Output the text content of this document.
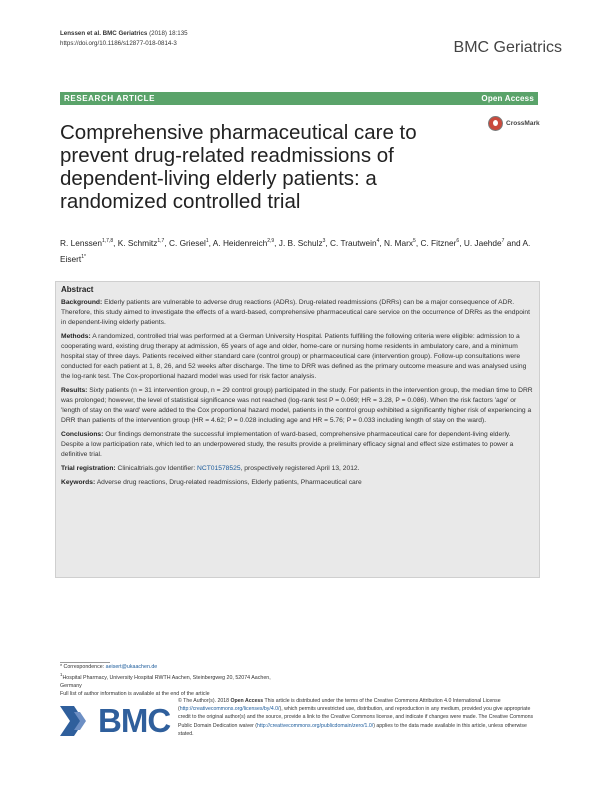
Lenssen et al. BMC Geriatrics (2018) 18:135
https://doi.org/10.1186/s12877-018-0814-3	BMC Geriatrics
RESEARCH ARTICLE	Open Access
Comprehensive pharmaceutical care to prevent drug-related readmissions of dependent-living elderly patients: a randomized controlled trial
CrossMark
R. Lenssen$^{1,7,8}$, K. Schmitz$^{1,7}$, C. Griesel$^1$, A. Heidenreich$^{2,9}$, J. B. Schulz$^3$, C. Trautwein$^4$, N. Marx$^5$, C. Fitzner$^6$, U. Jaehde$^7$ and A. Eisert$^{1*}$
Abstract

Background: Elderly patients are vulnerable to adverse drug reactions (ADRs). Drug-related readmissions (DRRs) can be a major consequence of ADR. Therefore, this study aimed to investigate the effects of a ward-based, comprehensive pharmaceutical care service on the occurrence of DRRs as the endpoint in dependent-living elderly patients.

Methods: A randomized, controlled trial was performed at a German University Hospital. Patients fulfilling the following criteria were eligible: admission to a cooperating ward, existing drug therapy at admission, 65 years of age and older, home-care or nursing home residents in ambulatory care, and a minimum hospital stay of three days. Patients received either standard care (control group) or pharmaceutical care (intervention group). Follow-up consultations were conducted for each patient at 1, 8, 26, and 52 weeks after discharge. The time to DRR was defined as the primary outcome measure and was analysed using the log-rank test. The Cox-proportional hazard model was used for risk factor analysis.

Results: Sixty patients (n = 31 intervention group, n = 29 control group) participated in the study. For patients in the intervention group, the median time to DRR was prolonged; however, the level of statistical significance was not reached (log-rank test P = 0.069; HR = 3.28, P = 0.086). When the risk factors 'age' or 'length of stay on the ward' were added to the Cox proportional hazard model, patients in the control group exhibited a significantly higher risk of experiencing a DRR than patients of the intervention group (HR = 4.62; P = 0.028 including age and HR = 5.76; P = 0.033 including length of stay on the ward).

Conclusions: Our findings demonstrate the successful implementation of ward-based, comprehensive pharmaceutical care for dependent-living elderly. Despite a low participation rate, which led to an underpowered study, the results provide a preliminary efficacy signal and effect size estimates to power a definitive trial.

Trial registration: Clinicaltrials.gov Identifier: NCT01578525, prospectively registered April 13, 2012.

Keywords: Adverse drug reactions, Drug-related readmissions, Elderly patients, Pharmaceutical care

* Correspondence: aeisert@ukaachen.de
$^1$Hospital Pharmacy, University Hospital RWTH Aachen, Steinbergweg 20, 52074 Aachen, Germany
Full list of author information is available at the end of the article
BMC
© The Author(s). 2018 Open Access This article is distributed under the terms of the Creative Commons Attribution 4.0 International License (http://creativecommons.org/licenses/by/4.0/), which permits unrestricted use, distribution, and reproduction in any medium, provided you give appropriate credit to the original author(s) and the source, provide a link to the Creative Commons license, and indicate if changes were made. The Creative Commons Public Domain Dedication waiver (http://creativecommons.org/publicdomain/zero/1.0/) applies to the data made available in this article, unless otherwise stated.
